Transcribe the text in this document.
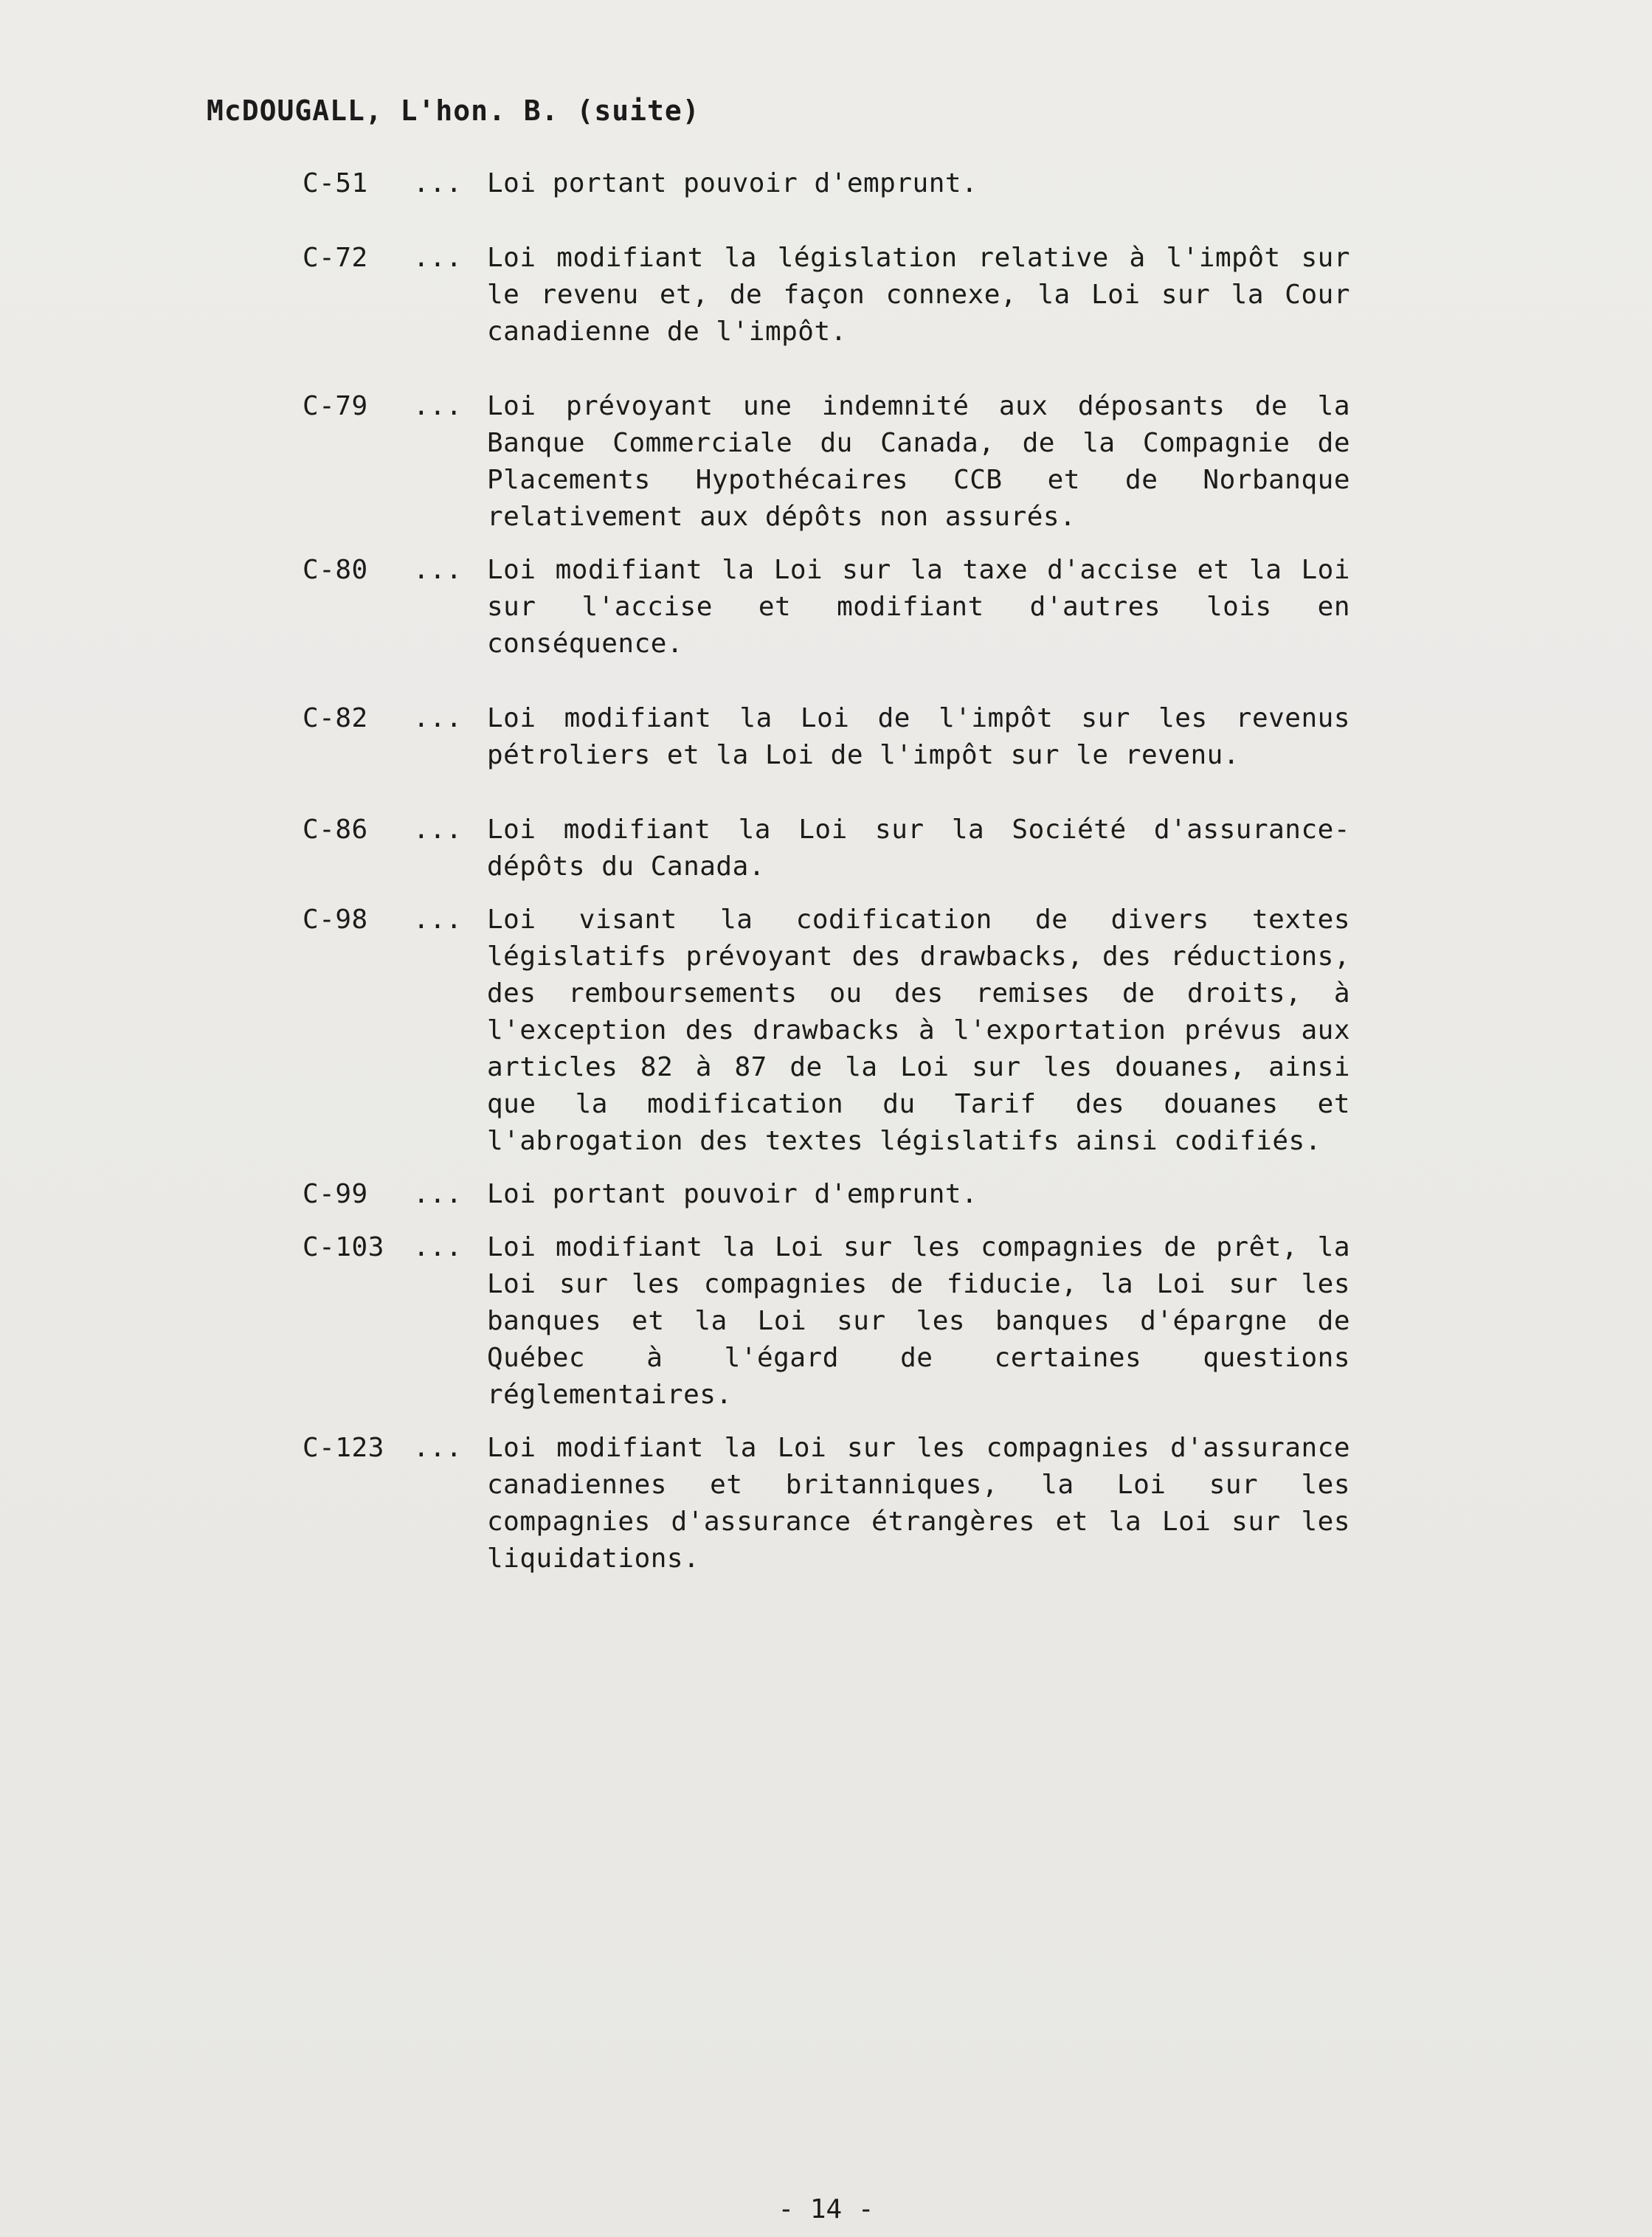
McDOUGALL, L'hon. B. (suite)
C-51	... Loi portant pouvoir d'emprunt.
C-72	... Loi modifiant la législation relative à l'impôt sur le revenu et, de façon connexe, la Loi sur la Cour canadienne de l'impôt.
C-79	... Loi prévoyant une indemnité aux déposants de la Banque Commerciale du Canada, de la Compagnie de Placements Hypothécaires CCB et de Norbanque relativement aux dépôts non assurés.
C-80	... Loi modifiant la Loi sur la taxe d'accise et la Loi sur l'accise et modifiant d'autres lois en conséquence.
C-82	... Loi modifiant la Loi de l'impôt sur les revenus pétroliers et la Loi de l'impôt sur le revenu.
C-86	... Loi modifiant la Loi sur la Société d'assurance-dépôts du Canada.
C-98	... Loi visant la codification de divers textes législatifs prévoyant des drawbacks, des réductions, des remboursements ou des remises de droits, à l'exception des drawbacks à l'exportation prévus aux articles 82 à 87 de la Loi sur les douanes, ainsi que la modification du Tarif des douanes et l'abrogation des textes législatifs ainsi codifiés.
C-99	... Loi portant pouvoir d'emprunt.
C-103	... Loi modifiant la Loi sur les compagnies de prêt, la Loi sur les compagnies de fiducie, la Loi sur les banques et la Loi sur les banques d'épargne de Québec à l'égard de certaines questions réglementaires.
C-123	... Loi modifiant la Loi sur les compagnies d'assurance canadiennes et britanniques, la Loi sur les compagnies d'assurance étrangères et la Loi sur les liquidations.

- 14 -
